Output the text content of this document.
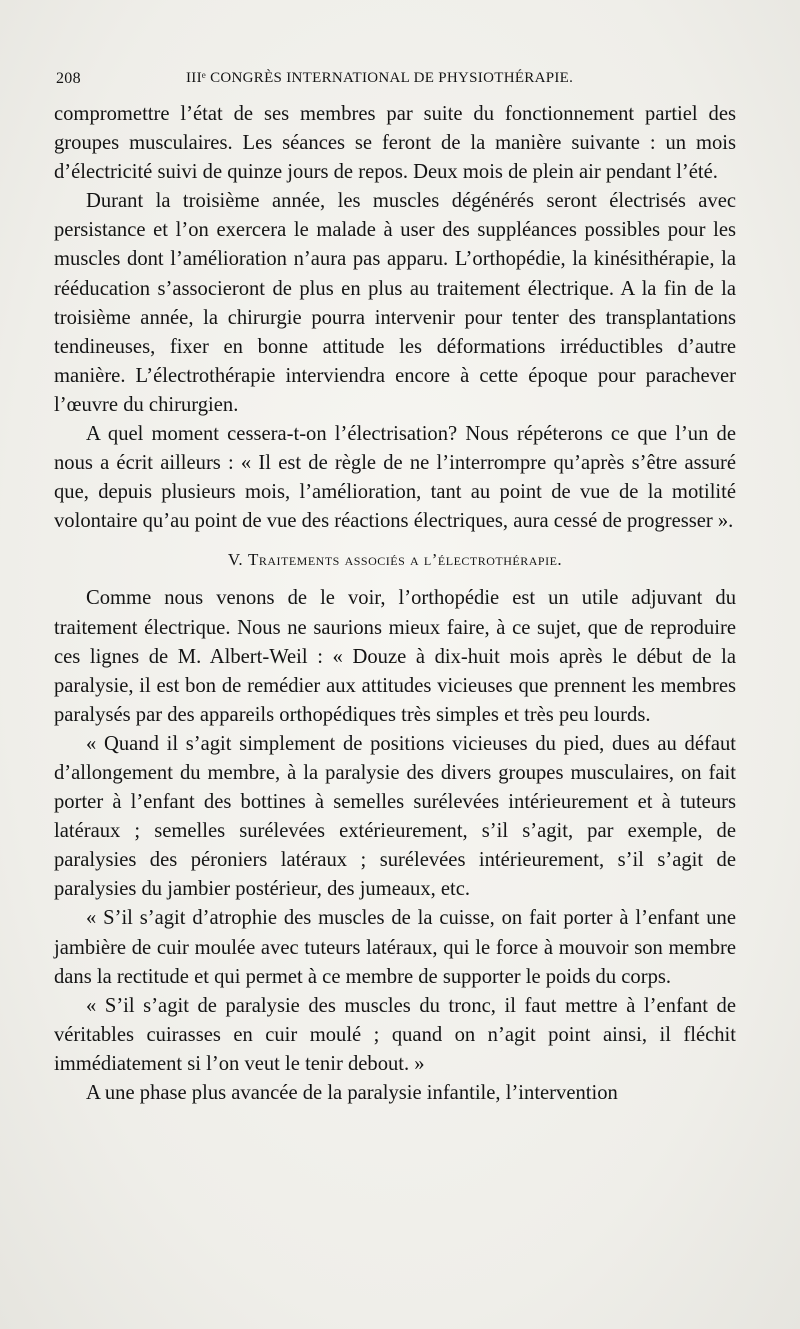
208	IIIᵉ CONGRÈS INTERNATIONAL DE PHYSIOTHÉRAPIE.

compromettre l’état de ses membres par suite du fonctionnement partiel des groupes musculaires. Les séances se feront de la manière suivante : un mois d’électricité suivi de quinze jours de repos. Deux mois de plein air pendant l’été.

Durant la troisième année, les muscles dégénérés seront électrisés avec persistance et l’on exercera le malade à user des suppléances possibles pour les muscles dont l’amélioration n’aura pas apparu. L’orthopédie, la kinésithérapie, la rééducation s’associeront de plus en plus au traitement électrique. A la fin de la troisième année, la chirurgie pourra intervenir pour tenter des transplantations tendineuses, fixer en bonne attitude les déformations irréductibles d’autre manière. L’électrothérapie interviendra encore à cette époque pour parachever l’œuvre du chirurgien.

A quel moment cessera-t-on l’électrisation? Nous répéterons ce que l’un de nous a écrit ailleurs : « Il est de règle de ne l’interrompre qu’après s’être assuré que, depuis plusieurs mois, l’amélioration, tant au point de vue de la motilité volontaire qu’au point de vue des réactions électriques, aura cessé de progresser ».

V. Traitements associés a l’électrothérapie.

Comme nous venons de le voir, l’orthopédie est un utile adjuvant du traitement électrique. Nous ne saurions mieux faire, à ce sujet, que de reproduire ces lignes de M. Albert-Weil : « Douze à dix-huit mois après le début de la paralysie, il est bon de remédier aux attitudes vicieuses que prennent les membres paralysés par des appareils orthopédiques très simples et très peu lourds.

« Quand il s’agit simplement de positions vicieuses du pied, dues au défaut d’allongement du membre, à la paralysie des divers groupes musculaires, on fait porter à l’enfant des bottines à semelles surélevées intérieurement et à tuteurs latéraux ; semelles surélevées extérieurement, s’il s’agit, par exemple, de paralysies des péroniers latéraux ; surélevées intérieurement, s’il s’agit de paralysies du jambier postérieur, des jumeaux, etc.

« S’il s’agit d’atrophie des muscles de la cuisse, on fait porter à l’enfant une jambière de cuir moulée avec tuteurs latéraux, qui le force à mouvoir son membre dans la rectitude et qui permet à ce membre de supporter le poids du corps.

« S’il s’agit de paralysie des muscles du tronc, il faut mettre à l’enfant de véritables cuirasses en cuir moulé ; quand on n’agit point ainsi, il fléchit immédiatement si l’on veut le tenir debout. »

A une phase plus avancée de la paralysie infantile, l’intervention
